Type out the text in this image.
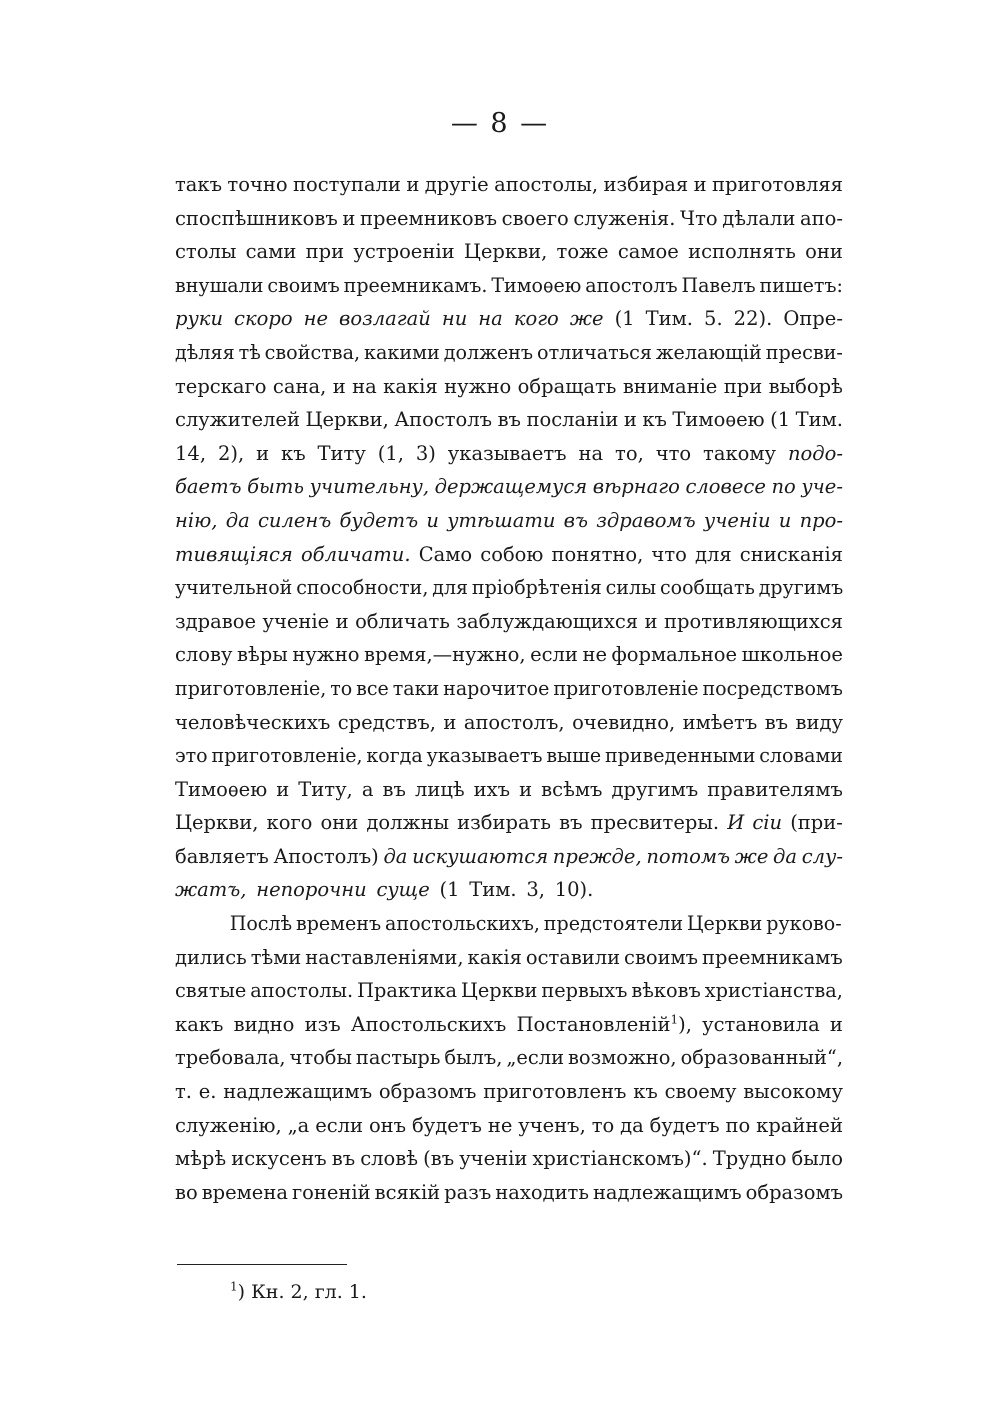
— 8 —
такъ точно поступали и другіе апостолы, избирая и приготовляя
споспѣшниковъ и преемниковъ своего служенія. Что дѣлали апо-
столы сами при устроеніи Церкви, тоже самое исполнять они
внушали своимъ преемникамъ. Тимоѳею апостолъ Павелъ пишетъ:
руки скоро не возлагай ни на кого же (1 Тим. 5. 22). Опре-
дѣляя тѣ свойства, какими долженъ отличаться желающій пресви-
терскаго сана, и на какія нужно обращать вниманіе при выборѣ
служителей Церкви, Апостолъ въ посланіи и къ Тимоѳею (1 Тим.
14, 2), и къ Титу (1, 3) указываетъ на то, что такому подо-
баетъ быть учительну, держащемуся вѣрнаго словесе по уче-
нію, да силенъ будетъ и утѣшати въ здравомъ ученіи и про-
тивящіяся обличати. Само собою понятно, что для снисканія
учительной способности, для пріобрѣтенія силы сообщать другимъ
здравое ученіе и обличать заблуждающихся и противляющихся
слову вѣры нужно время,—нужно, если не формальное школьное
приготовленіе, то все таки нарочитое приготовленіе посредствомъ
человѣческихъ средствъ, и апостолъ, очевидно, имѣетъ въ виду
это приготовленіе, когда указываетъ выше приведенными словами
Тимоѳею и Титу, а въ лицѣ ихъ и всѣмъ другимъ правителямъ
Церкви, кого они должны избирать въ пресвитеры. И сіи (при-
бавляетъ Апостолъ) да искушаются прежде, потомъ же да слу-
жатъ, непорочни суще (1 Тим. 3, 10).
Послѣ временъ апостольскихъ, предстоятели Церкви руково-
дились тѣми наставленіями, какія оставили своимъ преемникамъ
святые апостолы. Практика Церкви первыхъ вѣковъ христіанства,
какъ видно изъ Апостольскихъ Постановленій$^1$), установила и
требовала, чтобы пастырь былъ, „если возможно, образованный“,
т. е. надлежащимъ образомъ приготовленъ къ своему высокому
служенію, „а если онъ будетъ не ученъ, то да будетъ по крайней
мѣрѣ искусенъ въ словѣ (въ ученіи христіанскомъ)“. Трудно было
во времена гоненій всякій разъ находить надлежащимъ образомъ
$^1$) Кн. 2, гл. 1.
